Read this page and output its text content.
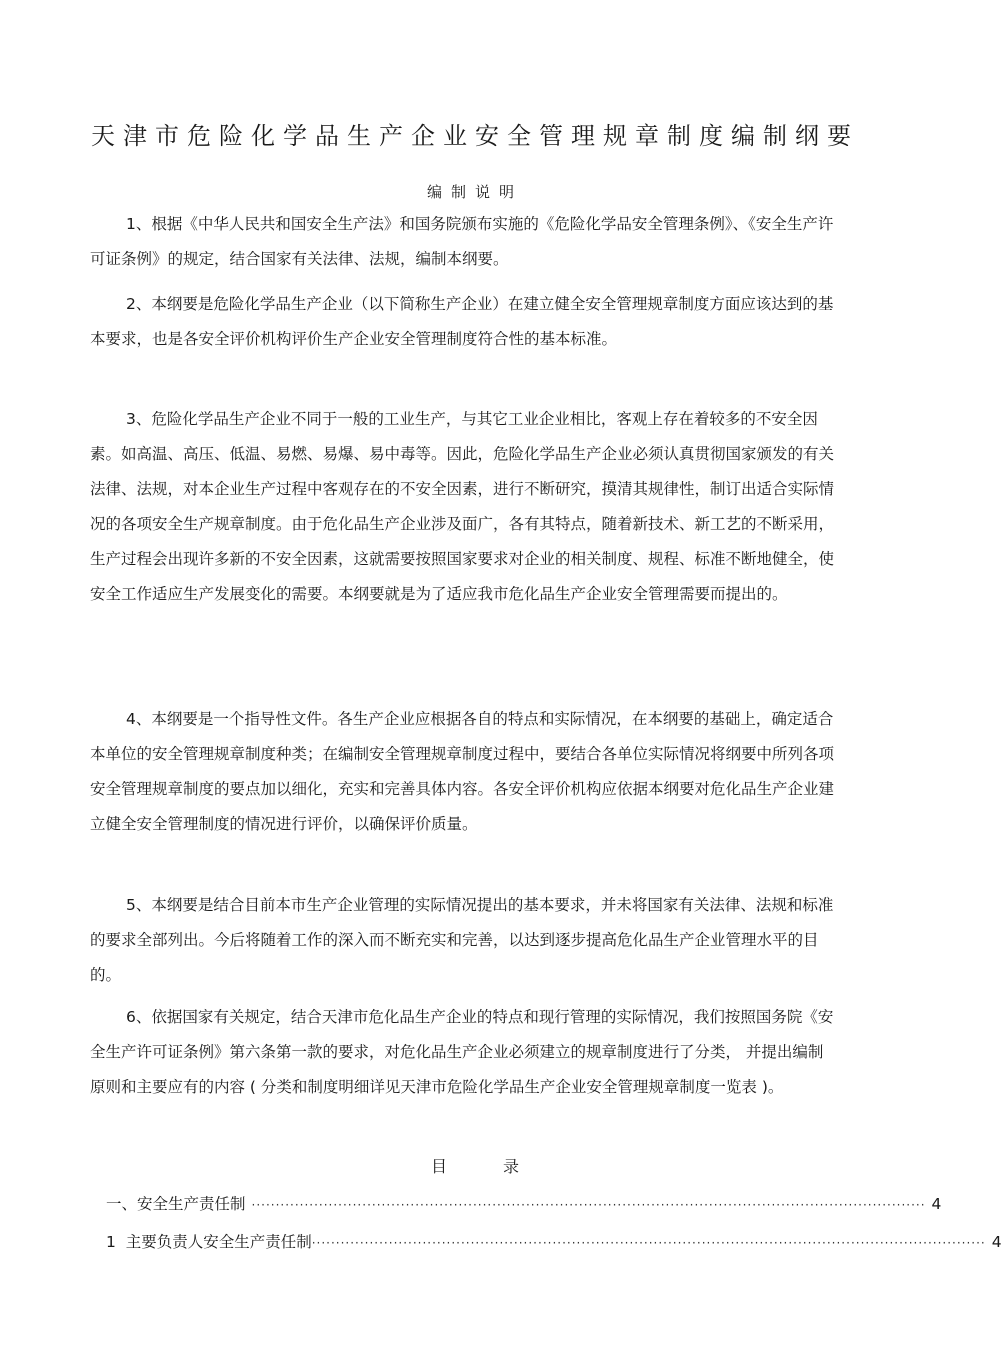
天津市危险化学品生产企业安全管理规章制度编制纲要
编制说明

1、根据《中华人民共和国安全生产法》和国务院颁布实施的《危险化学品安全管理条例》、《安全生产许可证条例》的规定，结合国家有关法律、法规，编制本纲要。

2、本纲要是危险化学品生产企业（以下简称生产企业）在建立健全安全管理规章制度方面应该达到的基本要求，也是各安全评价机构评价生产企业安全管理制度符合性的基本标准。

3、危险化学品生产企业不同于一般的工业生产，与其它工业企业相比，客观上存在着较多的不安全因素。如高温、高压、低温、易燃、易爆、易中毒等。因此，危险化学品生产企业必须认真贯彻国家颁发的有关法律、法规，对本企业生产过程中客观存在的不安全因素，进行不断研究，摸清其规律性，制订出适合实际情况的各项安全生产规章制度。由于危化品生产企业涉及面广，各有其特点，随着新技术、新工艺的不断采用，生产过程会出现许多新的不安全因素，这就需要按照国家要求对企业的相关制度、规程、标准不断地健全，使安全工作适应生产发展变化的需要。本纲要就是为了适应我市危化品生产企业安全管理需要而提出的。

4、本纲要是一个指导性文件。各生产企业应根据各自的特点和实际情况，在本纲要的基础上，确定适合本单位的安全管理规章制度种类；在编制安全管理规章制度过程中，要结合各单位实际情况将纲要中所列各项安全管理规章制度的要点加以细化，充实和完善具体内容。各安全评价机构应依据本纲要对危化品生产企业建立健全安全管理制度的情况进行评价，以确保评价质量。

5、本纲要是结合目前本市生产企业管理的实际情况提出的基本要求，并未将国家有关法律、法规和标准的要求全部列出。今后将随着工作的深入而不断充实和完善，以达到逐步提高危化品生产企业管理水平的目的。

6、依据国家有关规定，结合天津市危化品生产企业的特点和现行管理的实际情况，我们按照国务院《安全生产许可证条例》第六条第一款的要求，对危化品生产企业必须建立的规章制度进行了分类， 并提出编制原则和主要应有的内容 ( 分类和制度明细详见天津市危险化学品生产企业安全管理规章制度一览表 )。

目	录
一、安全生产责任制 ············································································································································ 4
1  主要负责人安全生产责任制 ············································································································································ 4
